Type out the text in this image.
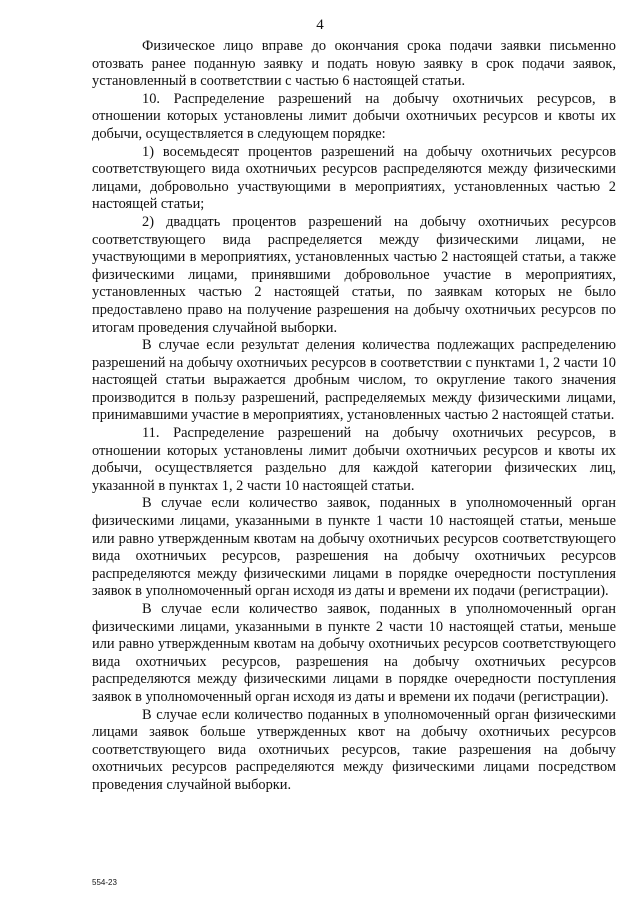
4

Физическое лицо вправе до окончания срока подачи заявки письменно отозвать ранее поданную заявку и подать новую заявку в срок подачи заявок, установленный в соответствии с частью 6 настоящей статьи.

10. Распределение разрешений на добычу охотничьих ресурсов, в отношении которых установлены лимит добычи охотничьих ресурсов и квоты их добычи, осуществляется в следующем порядке:

1) восемьдесят процентов разрешений на добычу охотничьих ресурсов соответствующего вида охотничьих ресурсов распределяются между физическими лицами, добровольно участвующими в мероприятиях, установленных частью 2 настоящей статьи;

2) двадцать процентов разрешений на добычу охотничьих ресурсов соответствующего вида распределяется между физическими лицами, не участвующими в мероприятиях, установленных частью 2 настоящей статьи, а также физическими лицами, принявшими добровольное участие в мероприятиях, установленных частью 2 настоящей статьи, по заявкам которых не было предоставлено право на получение разрешения на добычу охотничьих ресурсов по итогам проведения случайной выборки.

В случае если результат деления количества подлежащих распределению разрешений на добычу охотничьих ресурсов в соответствии с пунктами 1, 2 части 10 настоящей статьи выражается дробным числом, то округление такого значения производится в пользу разрешений, распределяемых между физическими лицами, принимавшими участие в мероприятиях, установленных частью 2 настоящей статьи.

11. Распределение разрешений на добычу охотничьих ресурсов, в отношении которых установлены лимит добычи охотничьих ресурсов и квоты их добычи, осуществляется раздельно для каждой категории физических лиц, указанной в пунктах 1, 2 части 10 настоящей статьи.

В случае если количество заявок, поданных в уполномоченный орган физическими лицами, указанными в пункте 1 части 10 настоящей статьи, меньше или равно утвержденным квотам на добычу охотничьих ресурсов соответствующего вида охотничьих ресурсов, разрешения на добычу охотничьих ресурсов распределяются между физическими лицами в порядке очередности поступления заявок в уполномоченный орган исходя из даты и времени их подачи (регистрации).

В случае если количество заявок, поданных в уполномоченный орган физическими лицами, указанными в пункте 2 части 10 настоящей статьи, меньше или равно утвержденным квотам на добычу охотничьих ресурсов соответствующего вида охотничьих ресурсов, разрешения на добычу охотничьих ресурсов распределяются между физическими лицами в порядке очередности поступления заявок в уполномоченный орган исходя из даты и времени их подачи (регистрации).

В случае если количество поданных в уполномоченный орган физическими лицами заявок больше утвержденных квот на добычу охотничьих ресурсов соответствующего вида охотничьих ресурсов, такие разрешения на добычу охотничьих ресурсов распределяются между физическими лицами посредством проведения случайной выборки.

554-23
